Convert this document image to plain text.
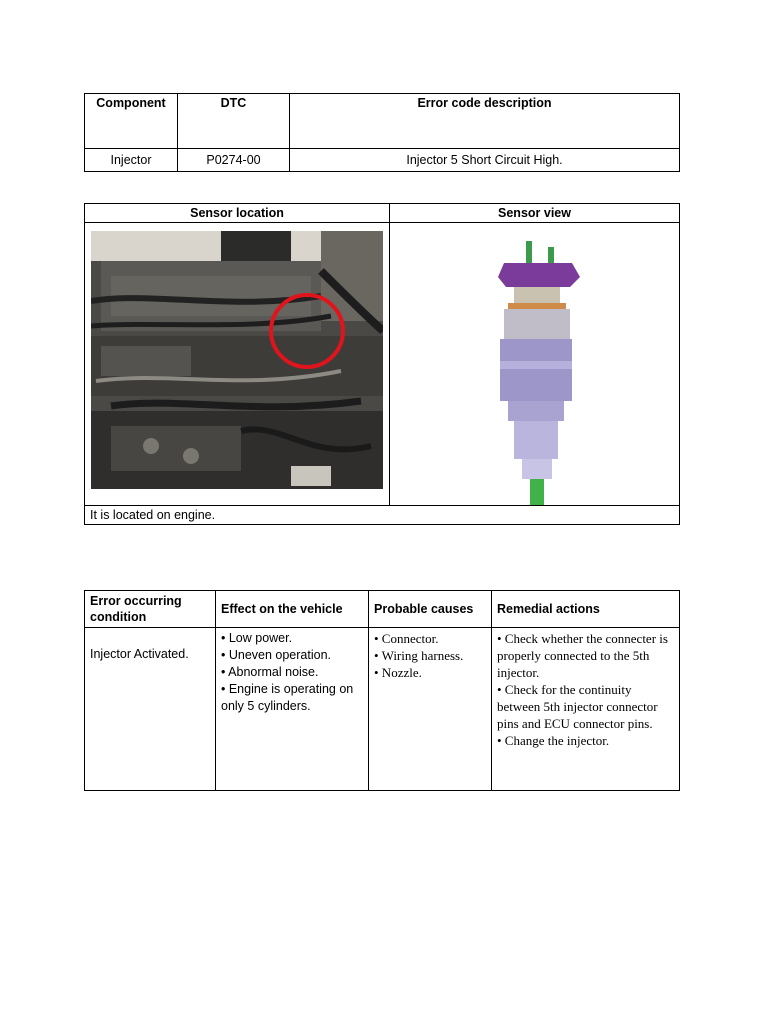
Component	DTC	Error code description
Injector	P0274-00	Injector 5 Short Circuit High.
Sensor location	Sensor view

It is located on engine.	
Error occurring condition	Effect on the vehicle	Probable causes	Remedial actions
Injector Activated.	• Low power.
• Uneven operation.
• Abnormal noise.
• Engine is operating on only 5 cylinders.	• Connector.
• Wiring harness.
• Nozzle.	• Check whether the connecter is properly connected to the 5th injector.
• Check for the continuity between 5th injector connector pins and ECU connector pins.
• Change the injector.
